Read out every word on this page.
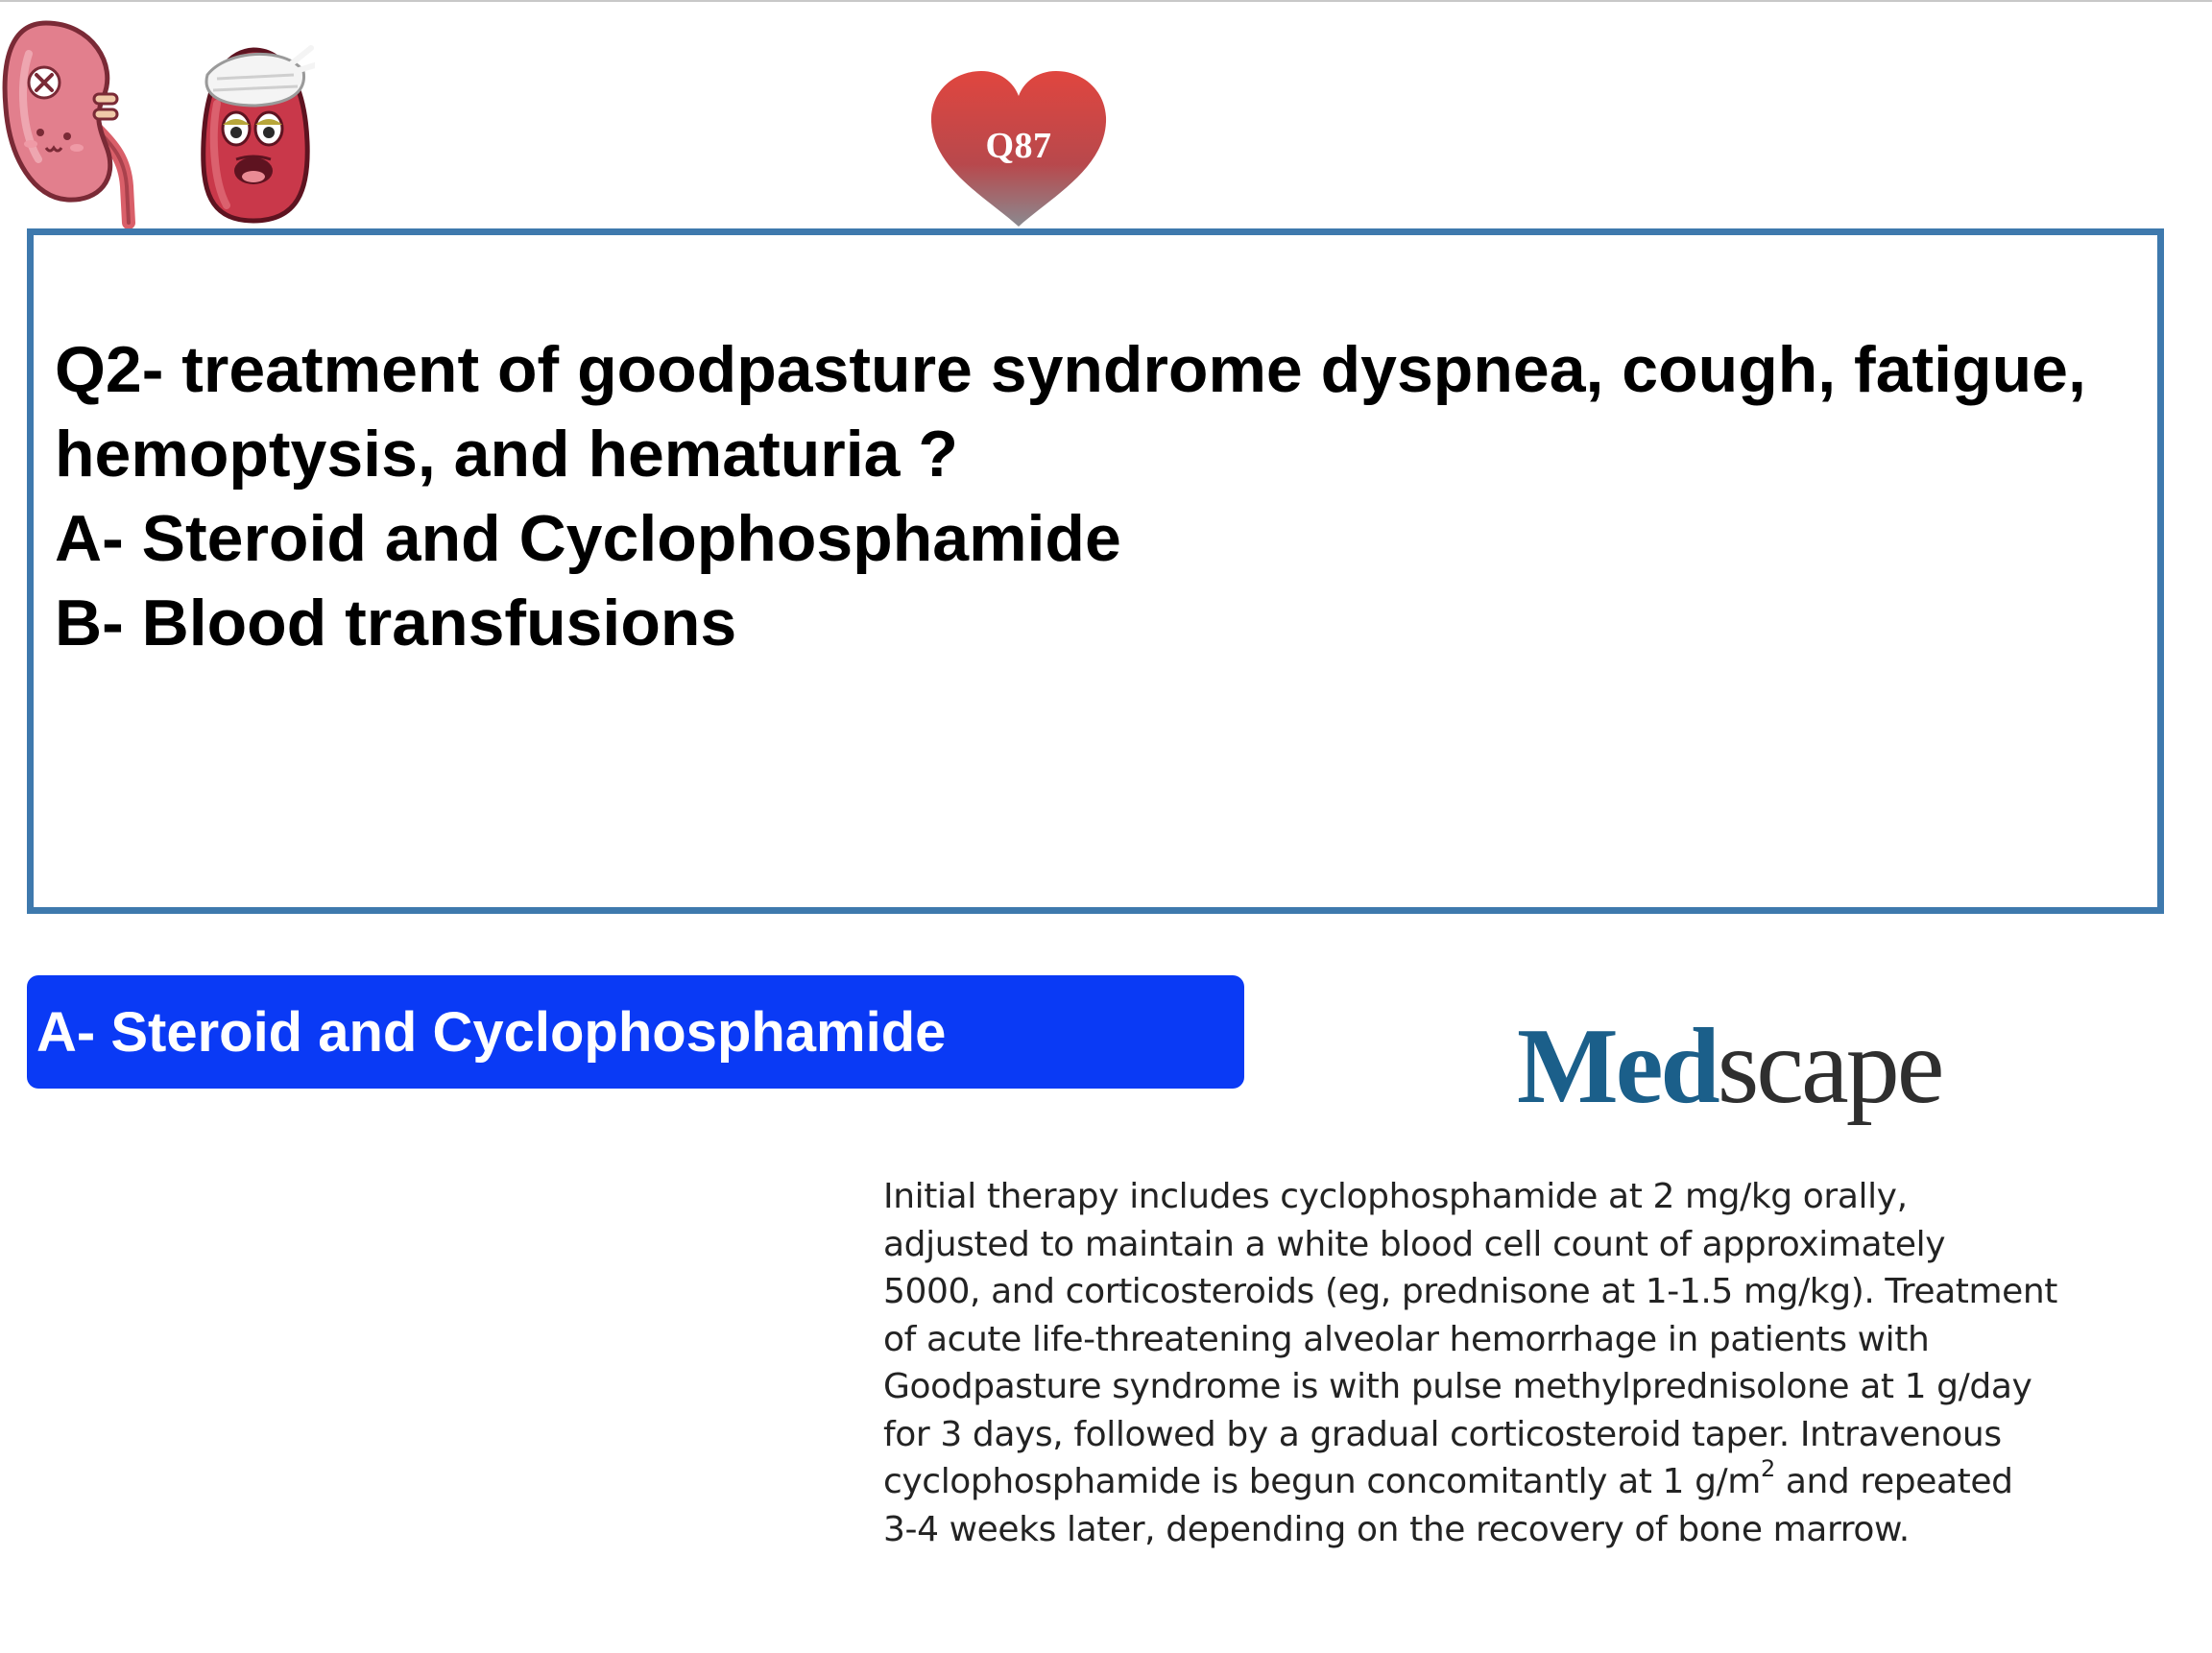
Q87
Q2- treatment of goodpasture syndrome dyspnea, cough, fatigue,
hemoptysis, and hematuria ?
A- Steroid and Cyclophosphamide
B- Blood transfusions
A- Steroid and Cyclophosphamide	Medscape
Initial therapy includes cyclophosphamide at 2 mg/kg orally,
adjusted to maintain a white blood cell count of approximately
5000, and corticosteroids (eg, prednisone at 1-1.5 mg/kg). Treatment
of acute life-threatening alveolar hemorrhage in patients with
Goodpasture syndrome is with pulse methylprednisolone at 1 g/day
for 3 days, followed by a gradual corticosteroid taper. Intravenous
cyclophosphamide is begun concomitantly at 1 $g/m^2$ and repeated
3-4 weeks later, depending on the recovery of bone marrow.
